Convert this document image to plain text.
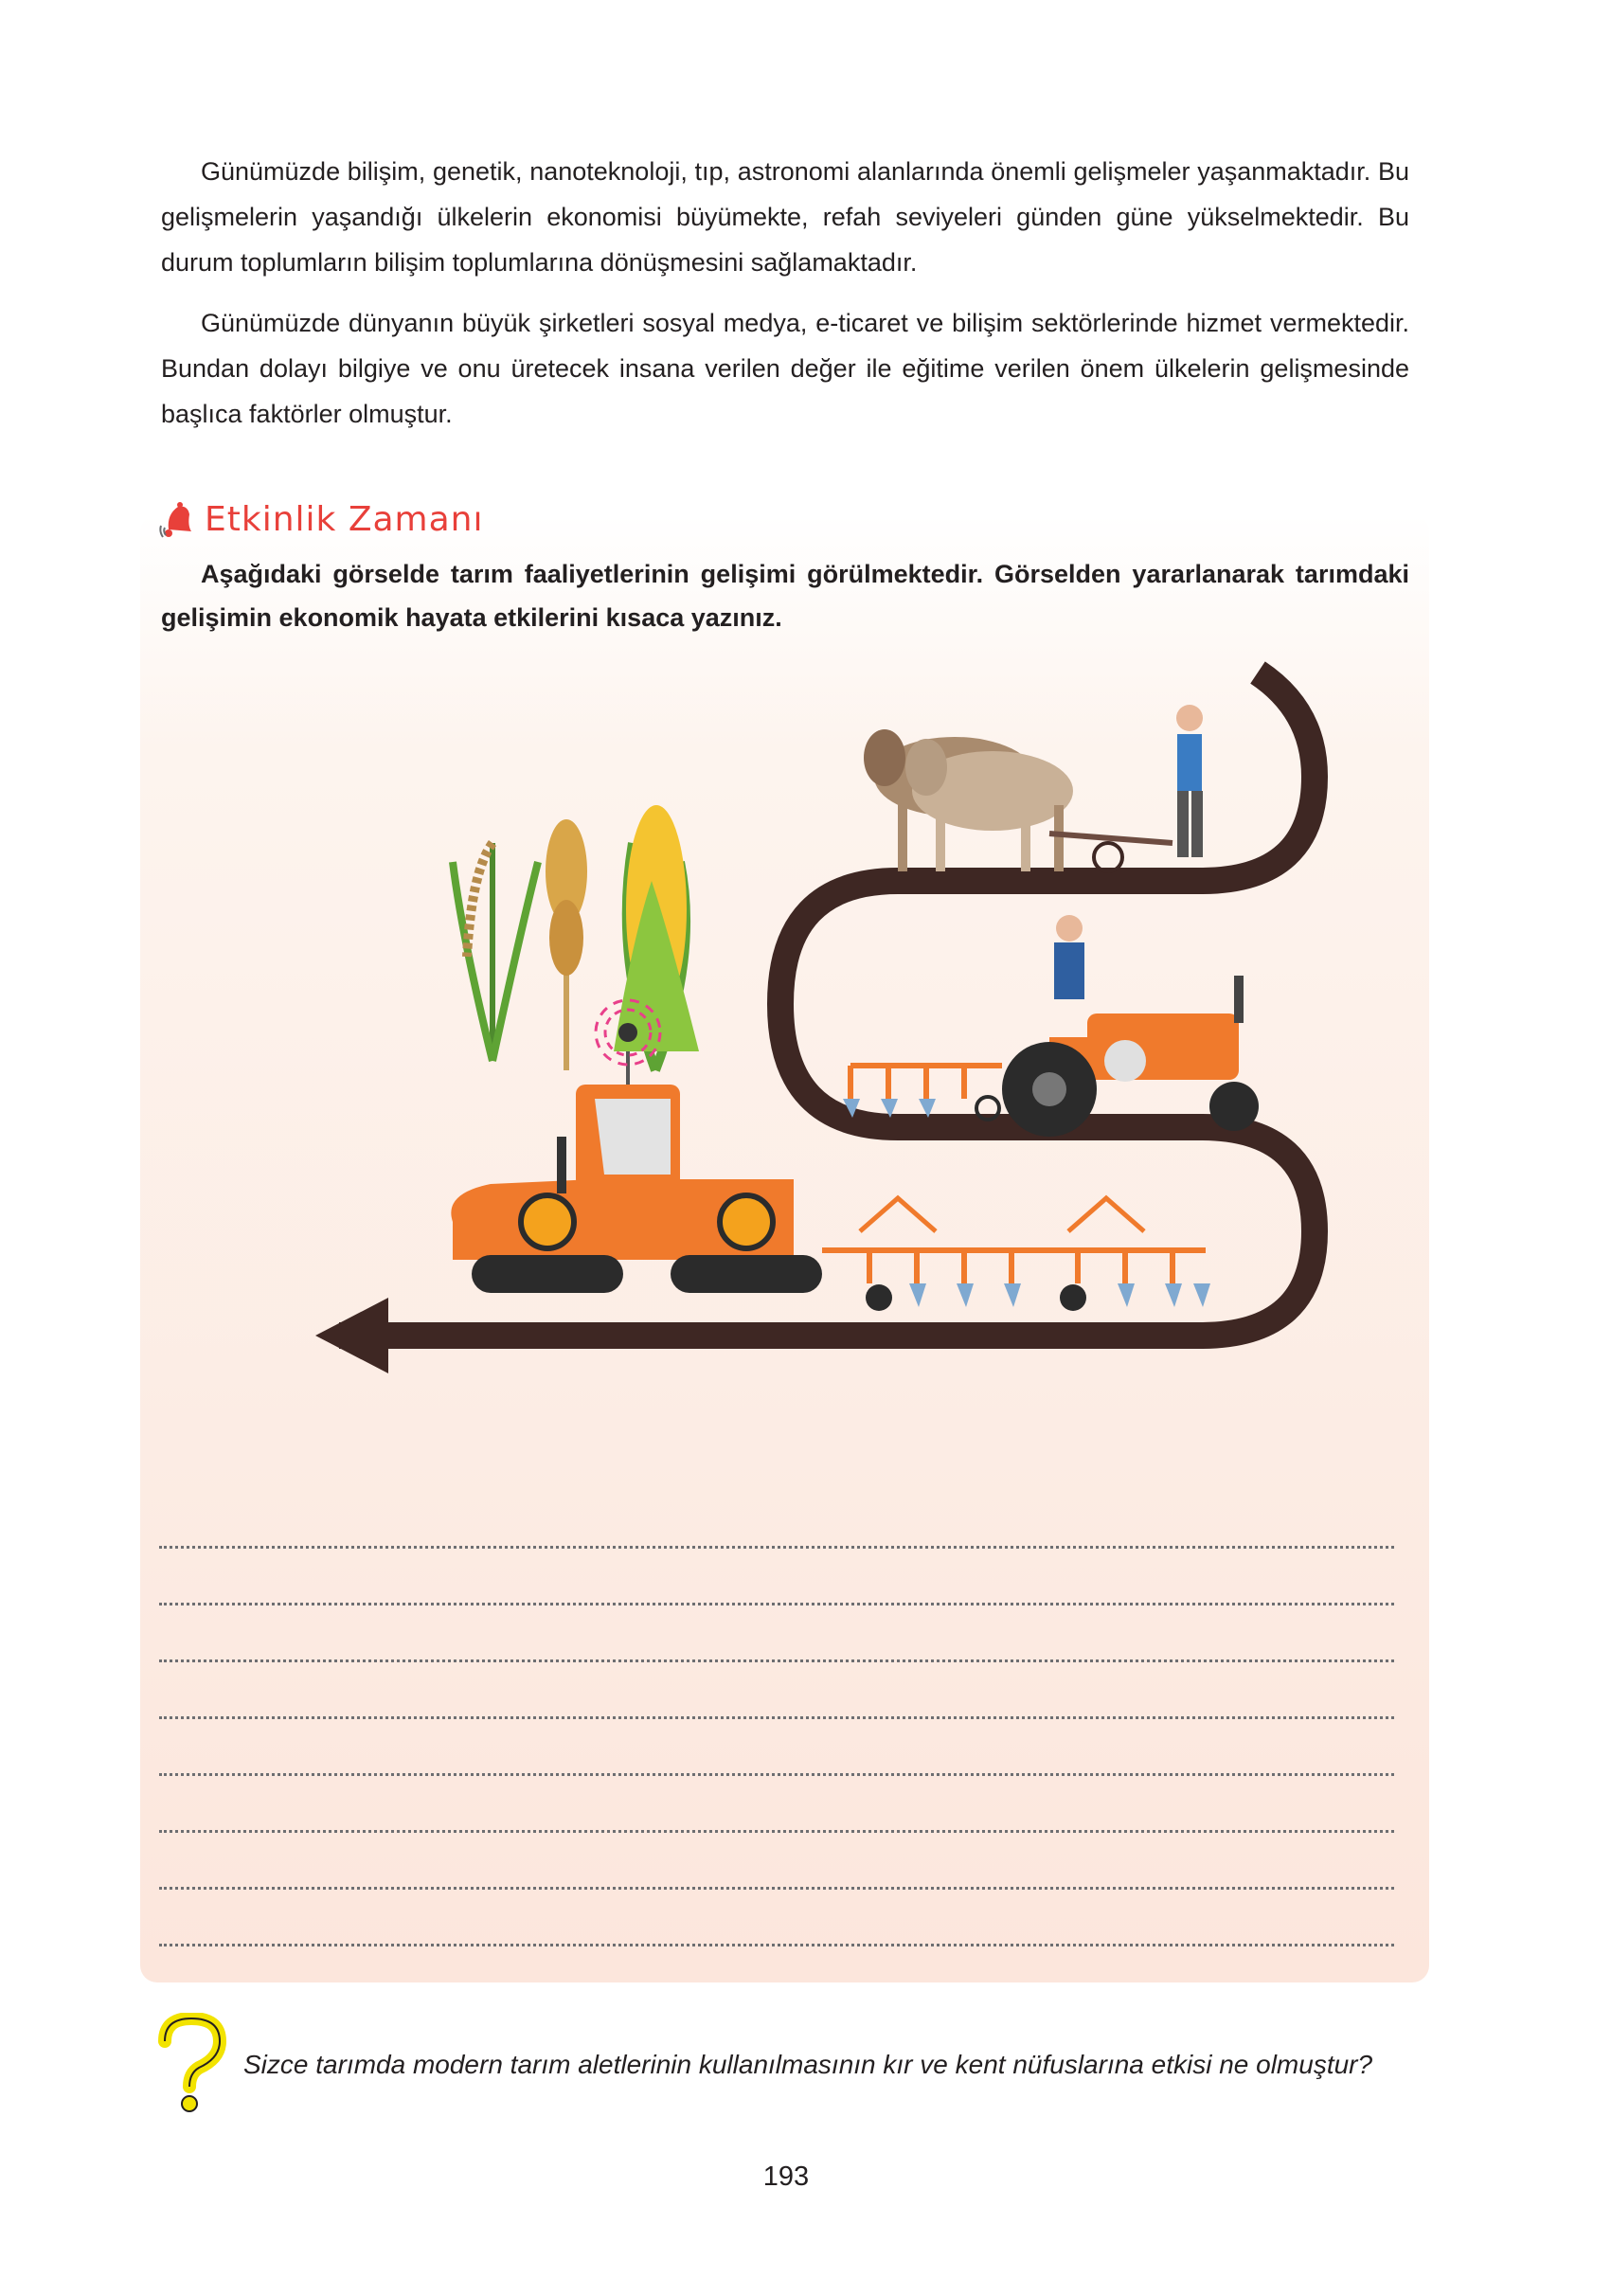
Günümüzde bilişim, genetik, nanoteknoloji, tıp, astronomi alanlarında önemli gelişmeler yaşanmaktadır. Bu gelişmelerin yaşandığı ülkelerin ekonomisi büyümekte, refah seviyeleri günden güne yükselmektedir. Bu durum toplumların bilişim toplumlarına dönüşmesini sağlamaktadır.

Günümüzde dünyanın büyük şirketleri sosyal medya, e-ticaret ve bilişim sektörlerinde hizmet vermektedir. Bundan dolayı bilgiye ve onu üretecek insana verilen değer ile eğitime verilen önem ülkelerin gelişmesinde başlıca faktörler olmuştur.

Etkinlik Zamanı

Aşağıdaki görselde tarım faaliyetlerinin gelişimi görülmektedir. Görselden yararlanarak tarımdaki gelişimin ekonomik hayata etkilerini kısaca yazınız.

Sizce tarımda modern tarım aletlerinin kullanılmasının kır ve kent nüfuslarına etkisi ne olmuştur?

193
